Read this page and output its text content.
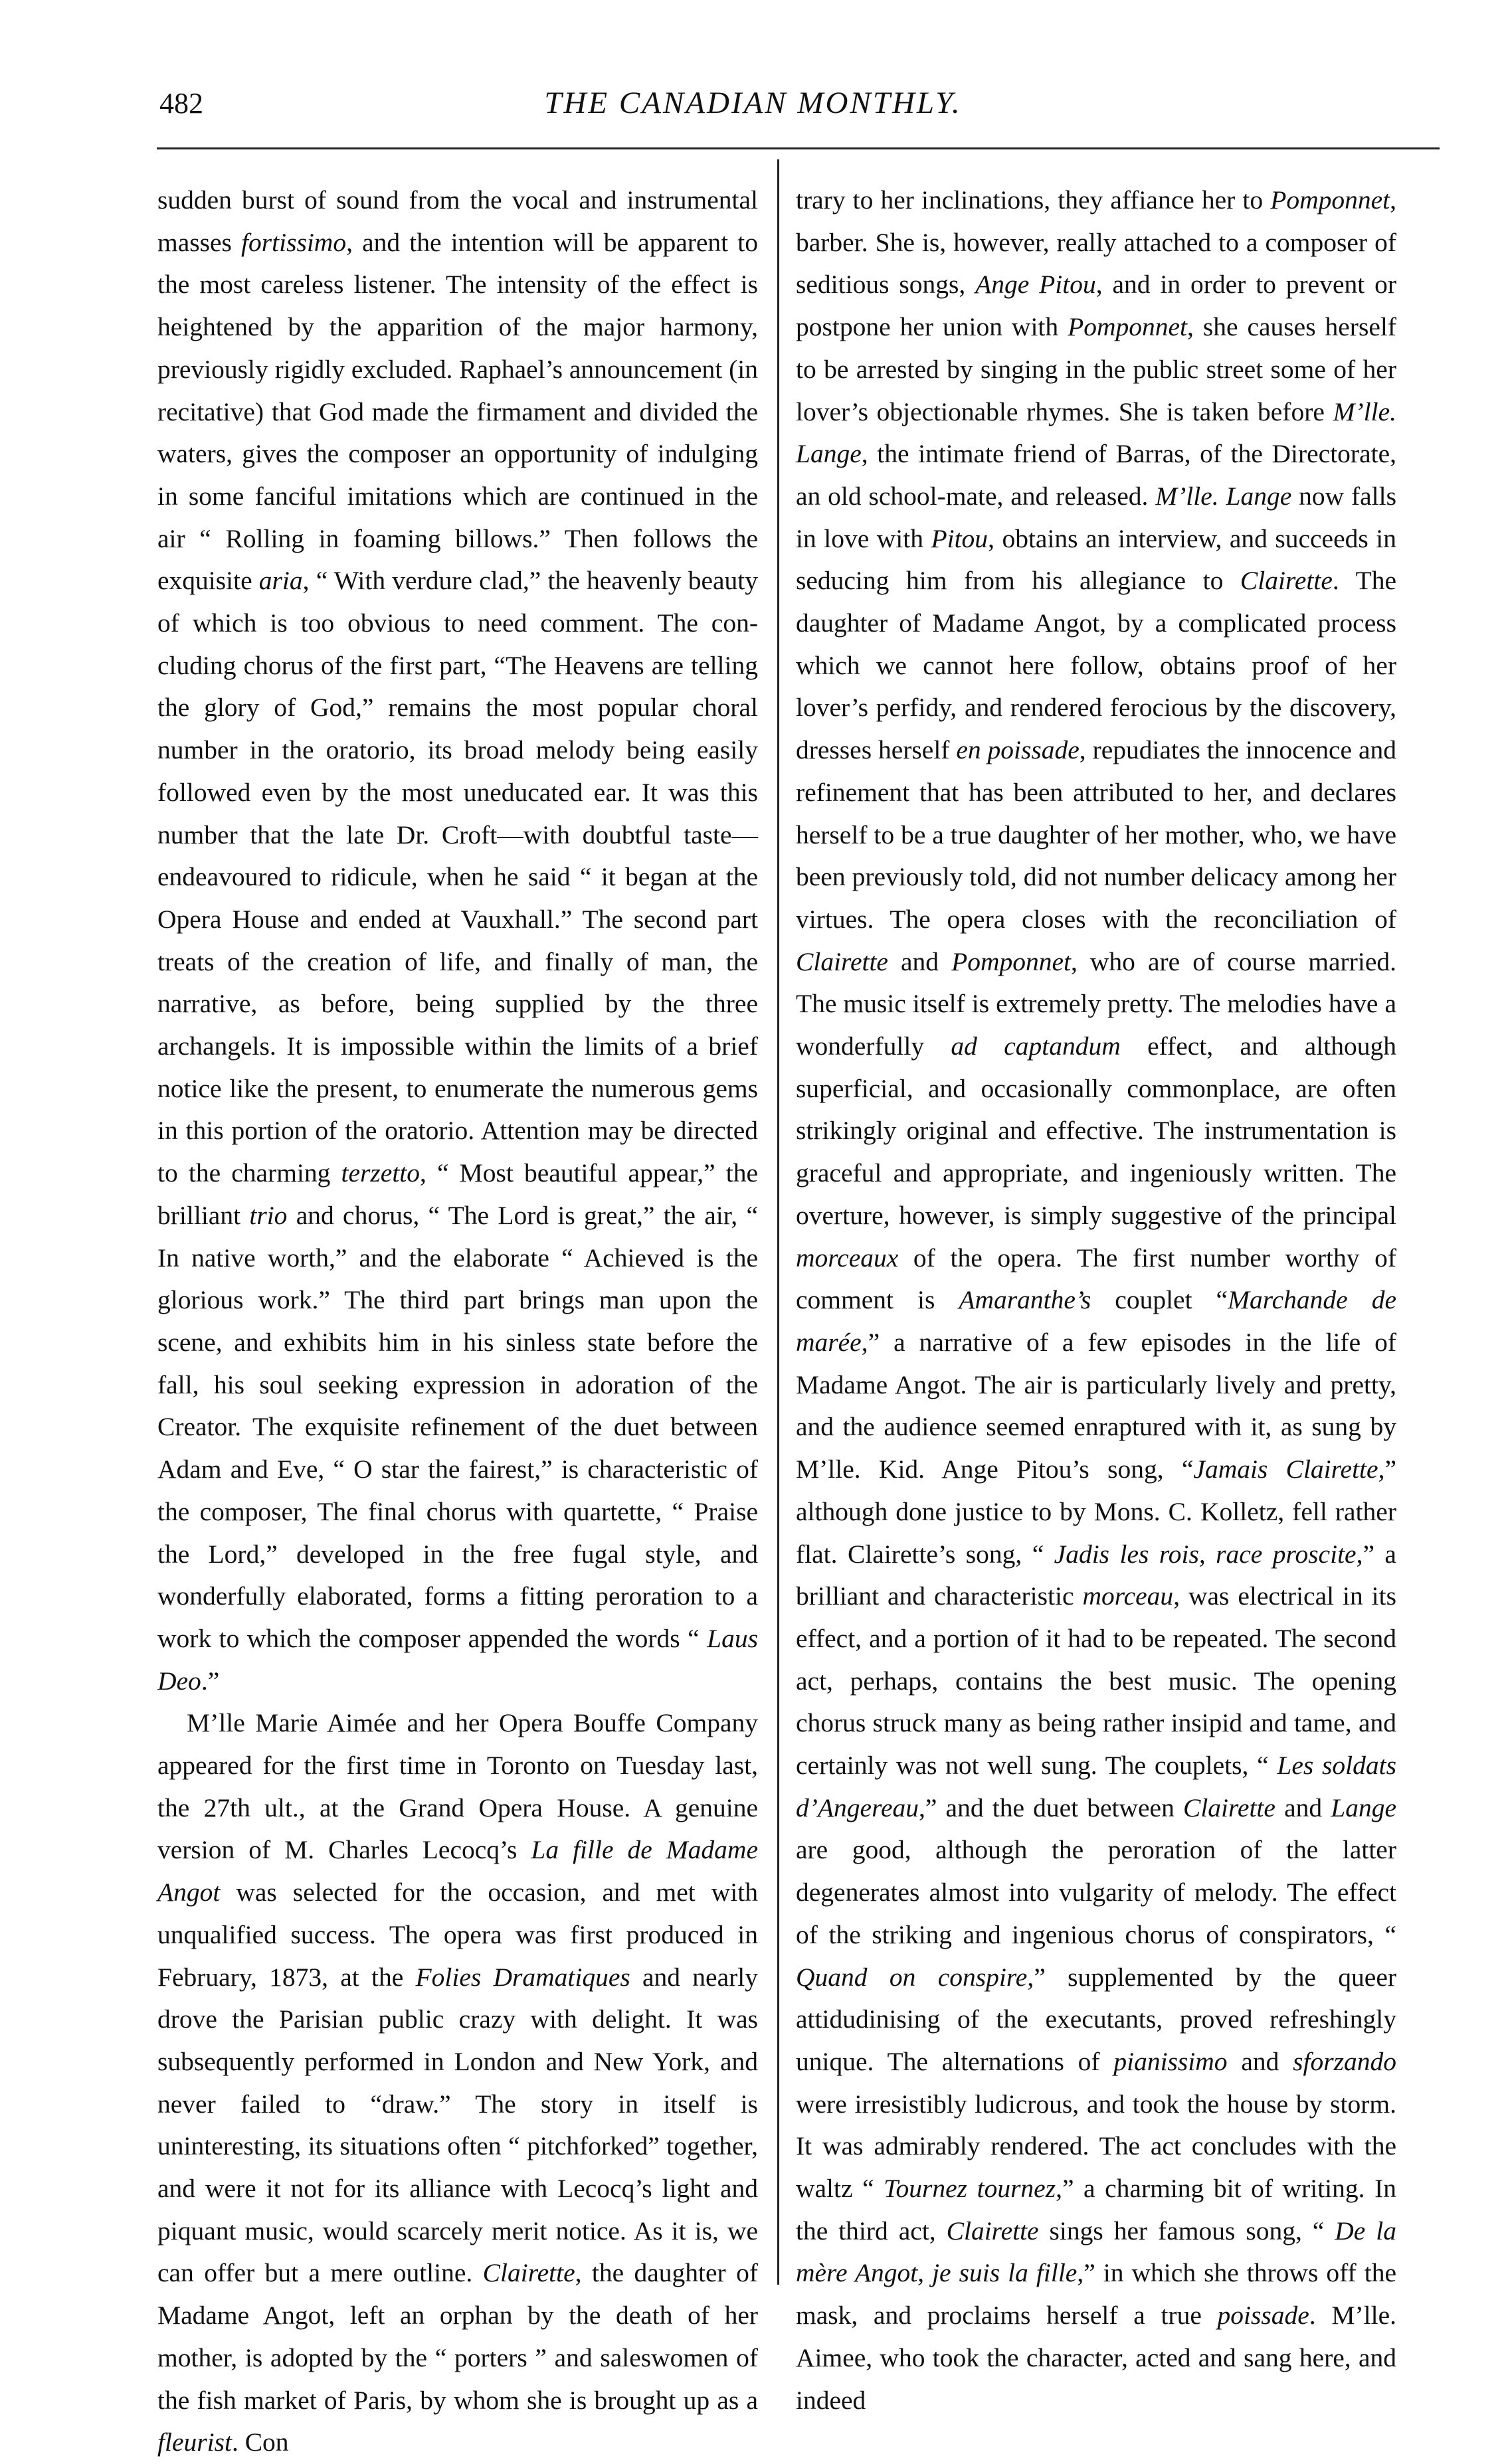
482	THE CANADIAN MONTHLY.

sudden burst of sound from the vocal and instrumental masses fortissimo, and the intention will be apparent to the most careless listener. The intensity of the effect is heightened by the apparition of the major harmony, previously rigidly excluded. Raphael’s announcement (in recitative) that God made the firmament and divided the waters, gives the composer an opportunity of indulging in some fanciful imitations which are continued in the air “ Rolling in foaming billows.” Then follows the exquisite aria, “ With verdure clad,” the heavenly beauty of which is too obvious to need comment. The concluding chorus of the first part, “The Heavens are telling the glory of God,” remains the most popular choral number in the oratorio, its broad melody being easily followed even by the most uneducated ear. It was this number that the late Dr. Croft—with doubtful taste—endeavoured to ridicule, when he said “ it began at the Opera House and ended at Vauxhall.” The second part treats of the creation of life, and finally of man, the narrative, as before, being supplied by the three archangels. It is impossible within the limits of a brief notice like the present, to enumerate the numerous gems in this portion of the oratorio. Attention may be directed to the charming terzetto, “ Most beautiful appear,” the brilliant trio and chorus, “ The Lord is great,” the air, “ In native worth,” and the elaborate “ Achieved is the glorious work.” The third part brings man upon the scene, and exhibits him in his sinless state before the fall, his soul seeking expression in adoration of the Creator. The exquisite refinement of the duet between Adam and Eve, “ O star the fairest,” is characteristic of the composer, The final chorus with quartette, “ Praise the Lord,” developed in the free fugal style, and wonderfully elaborated, forms a fitting peroration to a work to which the composer appended the words “ Laus Deo.”

M’lle Marie Aimée and her Opera Bouffe Company appeared for the first time in Toronto on Tuesday last, the 27th ult., at the Grand Opera House. A genuine version of M. Charles Lecocq’s La fille de Madame Angot was selected for the occasion, and met with unqualified success. The opera was first produced in February, 1873, at the Folies Dramatiques and nearly drove the Parisian public crazy with delight. It was subsequently performed in London and New York, and never failed to “draw.” The story in itself is uninteresting, its situations often “ pitchforked” together, and were it not for its alliance with Lecocq’s light and piquant music, would scarcely merit notice. As it is, we can offer but a mere outline. Clairette, the daughter of Madame Angot, left an orphan by the death of her mother, is adopted by the “ porters ” and saleswomen of the fish market of Paris, by whom she is brought up as a fleurist. Con

trary to her inclinations, they affiance her to Pomponnet, barber. She is, however, really attached to a composer of seditious songs, Ange Pitou, and in order to prevent or postpone her union with Pomponnet, she causes herself to be arrested by singing in the public street some of her lover’s objectionable rhymes. She is taken before M’lle. Lange, the intimate friend of Barras, of the Directorate, an old school-mate, and released. M’lle. Lange now falls in love with Pitou, obtains an interview, and succeeds in seducing him from his allegiance to Clairette. The daughter of Madame Angot, by a complicated process which we cannot here follow, obtains proof of her lover’s perfidy, and rendered ferocious by the discovery, dresses herself en poissade, repudiates the innocence and refinement that has been attributed to her, and declares herself to be a true daughter of her mother, who, we have been previously told, did not number delicacy among her virtues. The opera closes with the reconciliation of Clairette and Pomponnet, who are of course married. The music itself is extremely pretty. The melodies have a wonderfully ad captandum effect, and although superficial, and occasionally commonplace, are often strikingly original and effective. The instrumentation is graceful and appropriate, and ingeniously written. The overture, however, is simply suggestive of the principal morceaux of the opera. The first number worthy of comment is Amaranthe’s couplet “Marchande de marée,” a narrative of a few episodes in the life of Madame Angot. The air is particularly lively and pretty, and the audience seemed enraptured with it, as sung by M’lle. Kid. Ange Pitou’s song, “Jamais Clairette,” although done justice to by Mons. C. Kolletz, fell rather flat. Clairette’s song, “ Jadis les rois, race proscite,” a brilliant and characteristic morceau, was electrical in its effect, and a portion of it had to be repeated. The second act, perhaps, contains the best music. The opening chorus struck many as being rather insipid and tame, and certainly was not well sung. The couplets, “ Les soldats d’Angereau,” and the duet between Clairette and Lange are good, although the peroration of the latter degenerates almost into vulgarity of melody. The effect of the striking and ingenious chorus of conspirators, “ Quand on conspire,” supplemented by the queer attidudinising of the executants, proved refreshingly unique. The alternations of pianissimo and sforzando were irresistibly ludicrous, and took the house by storm. It was admirably rendered. The act concludes with the waltz “ Tournez tournez,” a charming bit of writing. In the third act, Clairette sings her famous song, “ De la mère Angot, je suis la fille,” in which she throws off the mask, and proclaims herself a true poissade. M’lle. Aimee, who took the character, acted and sang here, and indeed
